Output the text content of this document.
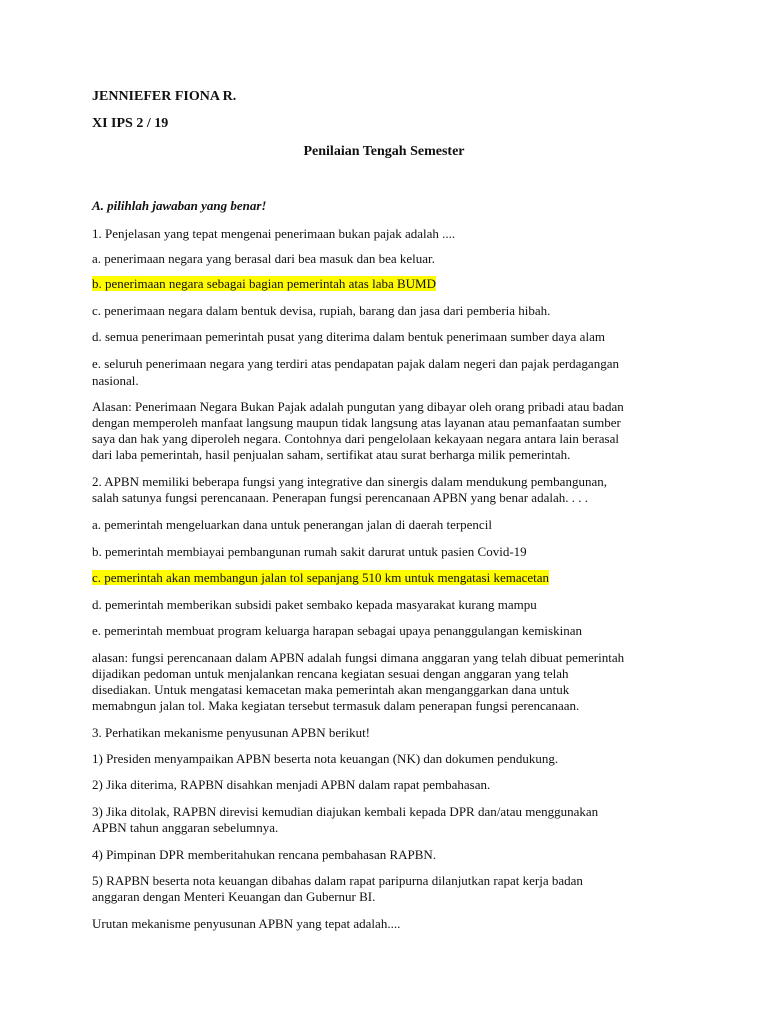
JENNIEFER FIONA R.
XI IPS 2 / 19
Penilaian Tengah Semester
A. pilihlah jawaban yang benar!
1. Penjelasan yang tepat mengenai penerimaan bukan pajak adalah ....
a. penerimaan negara yang berasal dari bea masuk dan bea keluar.
b. penerimaan negara sebagai bagian pemerintah atas laba BUMD
c. penerimaan negara dalam bentuk devisa, rupiah, barang dan jasa dari pemberia hibah.
d. semua penerimaan pemerintah pusat yang diterima dalam bentuk penerimaan sumber daya alam
e. seluruh penerimaan negara yang terdiri atas pendapatan pajak dalam negeri dan pajak perdagangan
nasional.
Alasan: Penerimaan Negara Bukan Pajak adalah pungutan yang dibayar oleh orang pribadi atau badan
dengan memperoleh manfaat langsung maupun tidak langsung atas layanan atau pemanfaatan sumber
saya dan hak yang diperoleh negara. Contohnya dari pengelolaan kekayaan negara antara lain berasal
dari laba pemerintah, hasil penjualan saham, sertifikat atau surat berharga milik pemerintah.
2. APBN memiliki beberapa fungsi yang integrative dan sinergis dalam mendukung pembangunan,
salah satunya fungsi perencanaan. Penerapan fungsi perencanaan APBN yang benar adalah. . . .
a. pemerintah mengeluarkan dana untuk penerangan jalan di daerah terpencil
b. pemerintah membiayai pembangunan rumah sakit darurat untuk pasien Covid-19
c. pemerintah akan membangun jalan tol sepanjang 510 km untuk mengatasi kemacetan
d. pemerintah memberikan subsidi paket sembako kepada masyarakat kurang mampu
e. pemerintah membuat program keluarga harapan sebagai upaya penanggulangan kemiskinan
alasan: fungsi perencanaan dalam APBN adalah fungsi dimana anggaran yang telah dibuat pemerintah
dijadikan pedoman untuk menjalankan rencana kegiatan sesuai dengan anggaran yang telah
disediakan. Untuk mengatasi kemacetan maka pemerintah akan menganggarkan dana untuk
memabngun jalan tol. Maka kegiatan tersebut termasuk dalam penerapan fungsi perencanaan.
3. Perhatikan mekanisme penyusunan APBN berikut!
1) Presiden menyampaikan APBN beserta nota keuangan (NK) dan dokumen pendukung.
2) Jika diterima, RAPBN disahkan menjadi APBN dalam rapat pembahasan.
3) Jika ditolak, RAPBN direvisi kemudian diajukan kembali kepada DPR dan/atau menggunakan
APBN tahun anggaran sebelumnya.
4) Pimpinan DPR memberitahukan rencana pembahasan RAPBN.
5) RAPBN beserta nota keuangan dibahas dalam rapat paripurna dilanjutkan rapat kerja badan
anggaran dengan Menteri Keuangan dan Gubernur BI.
Urutan mekanisme penyusunan APBN yang tepat adalah....
